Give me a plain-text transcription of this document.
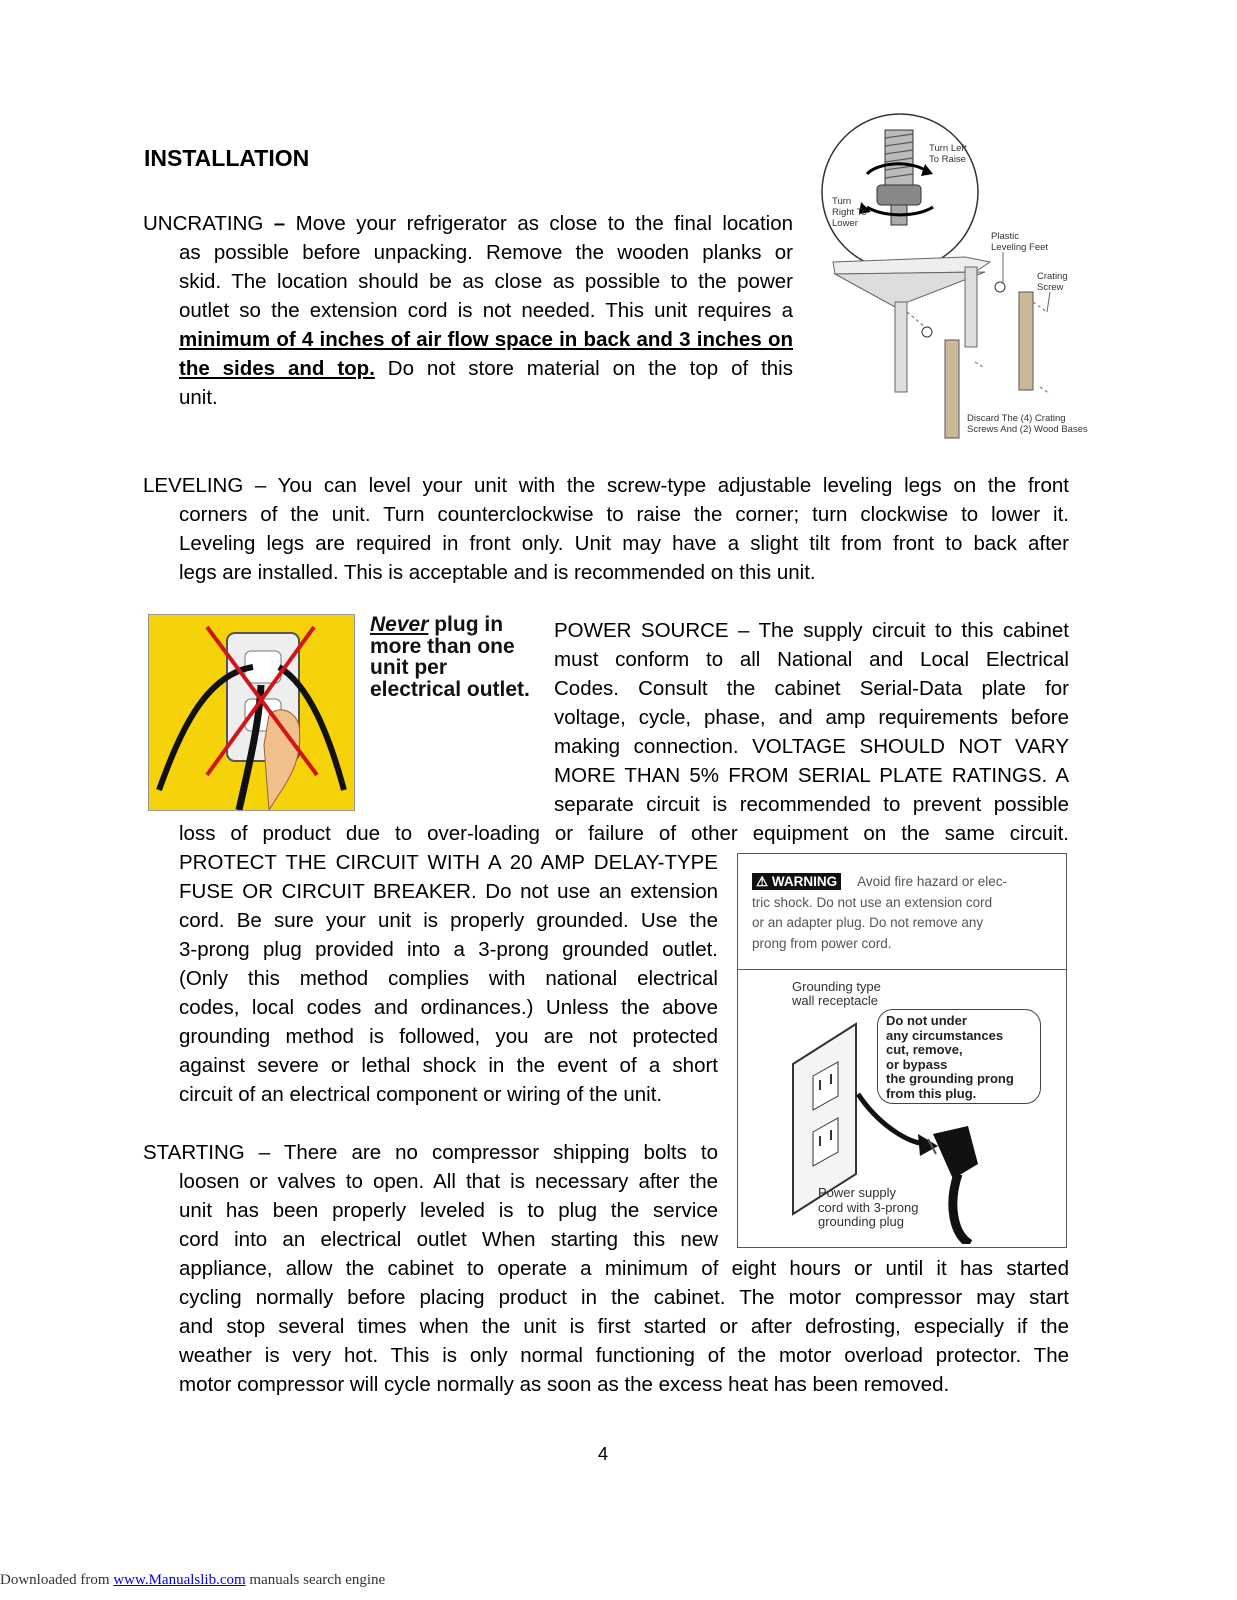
INSTALLATION
UNCRATING – Move your refrigerator as close to the final location
as possible before unpacking. Remove the wooden planks or
skid. The location should be as close as possible to the power
outlet so the extension cord is not needed. This unit requires a
minimum of 4 inches of air flow space in back and 3 inches on
the sides and top. Do not store material on the top of this
unit.
Turn Left To Raise
Turn Right To Lower
Plastic Leveling Feet
Crating Screw
Discard The (4) Crating Screws And (2) Wood Bases
LEVELING – You can level your unit with the screw-type adjustable leveling legs on the front
corners of the unit. Turn counterclockwise to raise the corner; turn clockwise to lower it.
Leveling legs are required in front only. Unit may have a slight tilt from front to back after
legs are installed. This is acceptable and is recommended on this unit.
Never plug in
more than one
unit per
electrical outlet.
POWER SOURCE – The supply circuit to this cabinet
must conform to all National and Local Electrical
Codes. Consult the cabinet Serial-Data plate for
voltage, cycle, phase, and amp requirements before
making connection. VOLTAGE SHOULD NOT VARY
MORE THAN 5% FROM SERIAL PLATE RATINGS. A
separate circuit is recommended to prevent possible
loss of product due to over-loading or failure of other equipment on the same circuit.
PROTECT THE CIRCUIT WITH A 20 AMP DELAY-TYPE
FUSE OR CIRCUIT BREAKER. Do not use an extension
cord. Be sure your unit is properly grounded. Use the
3-prong plug provided into a 3-prong grounded outlet.
(Only this method complies with national electrical
codes, local codes and ordinances.) Unless the above
grounding method is followed, you are not protected
against severe or lethal shock in the event of a short
circuit of an electrical component or wiring of the unit.
⚠ WARNING Avoid fire hazard or elec-
tric shock. Do not use an extension cord
or an adapter plug. Do not remove any
prong from power cord.
Grounding type
wall receptacle
Do not under
any circumstances
cut, remove,
or bypass
the grounding prong
from this plug.
Power supply
cord with 3-prong
grounding plug
STARTING – There are no compressor shipping bolts to
loosen or valves to open. All that is necessary after the
unit has been properly leveled is to plug the service
cord into an electrical outlet When starting this new
appliance, allow the cabinet to operate a minimum of eight hours or until it has started
cycling normally before placing product in the cabinet. The motor compressor may start
and stop several times when the unit is first started or after defrosting, especially if the
weather is very hot. This is only normal functioning of the motor overload protector. The
motor compressor will cycle normally as soon as the excess heat has been removed.
4
Downloaded from www.Manualslib.com manuals search engine
